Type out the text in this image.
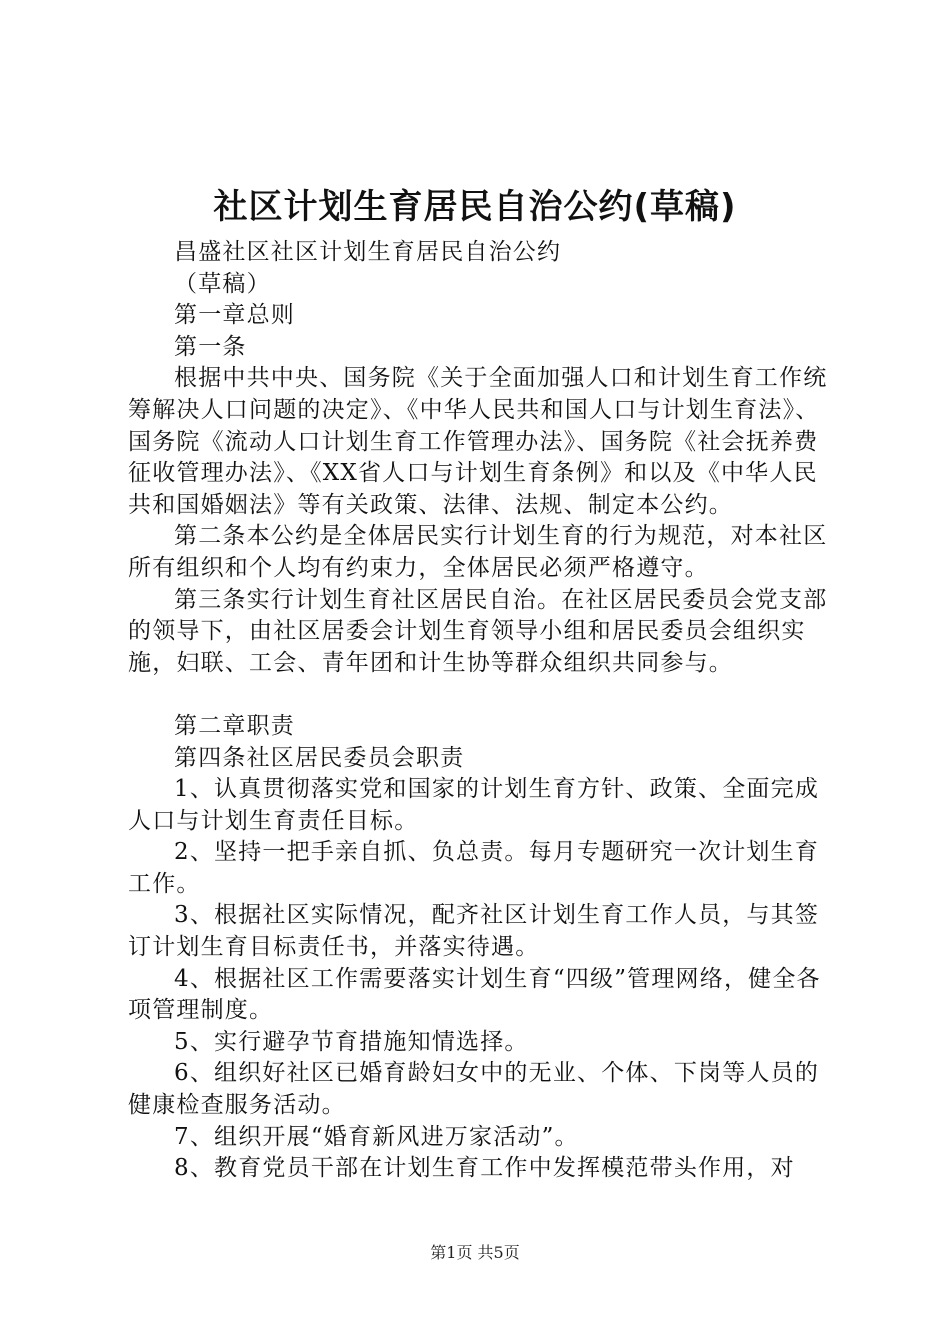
社区计划生育居民自治公约(草稿)

昌盛社区社区计划生育居民自治公约

（草稿）

第一章总则

第一条

根据中共中央、国务院《关于全面加强人口和计划生育工作统筹解决人口问题的决定》、《中华人民共和国人口与计划生育法》、国务院《流动人口计划生育工作管理办法》、国务院《社会抚养费征收管理办法》、《XX省人口与计划生育条例》和以及《中华人民共和国婚姻法》等有关政策、法律、法规、制定本公约。

第二条本公约是全体居民实行计划生育的行为规范，对本社区所有组织和个人均有约束力，全体居民必须严格遵守。

第三条实行计划生育社区居民自治。在社区居民委员会党支部的领导下，由社区居委会计划生育领导小组和居民委员会组织实施，妇联、工会、青年团和计生协等群众组织共同参与。

第二章职责

第四条社区居民委员会职责

1、认真贯彻落实党和国家的计划生育方针、政策、全面完成人口与计划生育责任目标。

2、坚持一把手亲自抓、负总责。每月专题研究一次计划生育工作。

3、根据社区实际情况，配齐社区计划生育工作人员，与其签订计划生育目标责任书，并落实待遇。

4、根据社区工作需要落实计划生育“四级”管理网络，健全各项管理制度。

5、实行避孕节育措施知情选择。

6、组织好社区已婚育龄妇女中的无业、个体、下岗等人员的健康检查服务活动。

7、组织开展“婚育新风进万家活动”。

8、教育党员干部在计划生育工作中发挥模范带头作用，对

第1页 共5页
